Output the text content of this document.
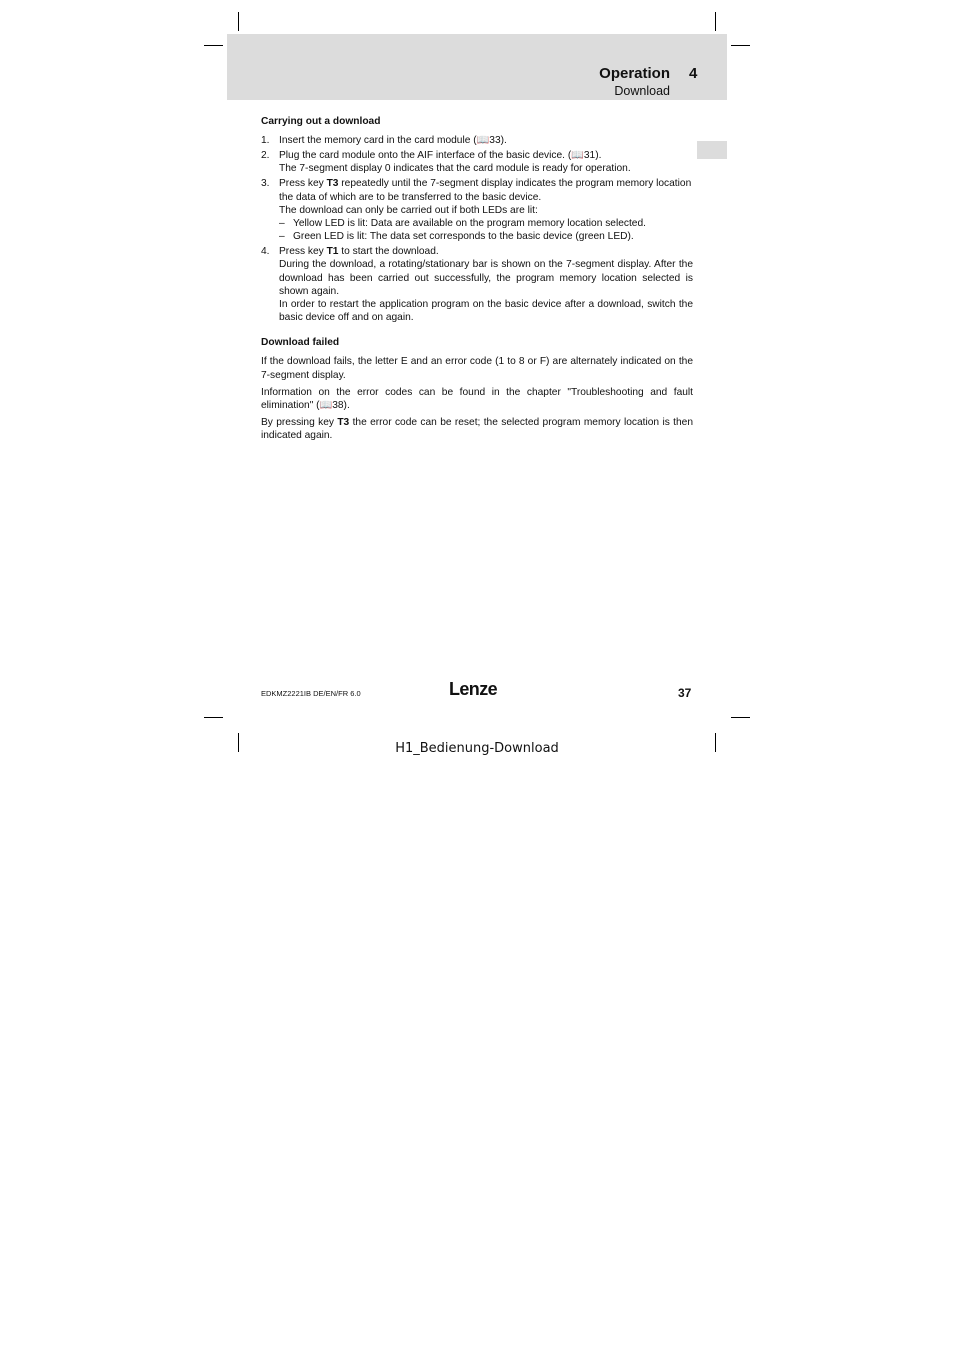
Operation 4
Download
Carrying out a download
1. Insert the memory card in the card module (📖33).
2. Plug the card module onto the AIF interface of the basic device. (📖31).
The 7-segment display 0 indicates that the card module is ready for operation.
3. Press key T3 repeatedly until the 7-segment display indicates the program memory location the data of which are to be transferred to the basic device.
The download can only be carried out if both LEDs are lit:
– Yellow LED is lit: Data are available on the program memory location selected.
– Green LED is lit: The data set corresponds to the basic device (green LED).
4. Press key T1 to start the download.
During the download, a rotating/stationary bar is shown on the 7-segment display. After the download has been carried out successfully, the program memory location selected is shown again.
In order to restart the application program on the basic device after a download, switch the basic device off and on again.
Download failed

If the download fails, the letter E and an error code (1 to 8 or F) are alternately indicated on the 7-segment display.

Information on the error codes can be found in the chapter "Troubleshooting and fault elimination" (📖38).

By pressing key T3 the error code can be reset; the selected program memory location is then indicated again.

EDKMZ2221IB DE/EN/FR 6.0	Lenze	37
H1_Bedienung-Download
